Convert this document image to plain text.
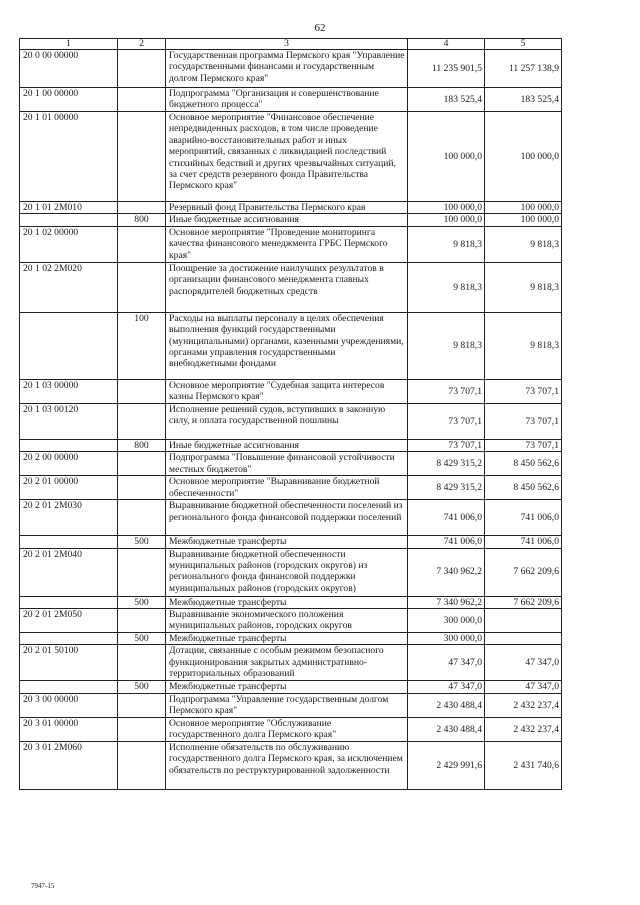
62
1	2	3	4	5
20 0 00 00000		Государственная программа Пермского края "Управление государственными финансами и государственным долгом Пермского края"	11 235 901,5	11 257 138,9
20 1 00 00000		Подпрограмма "Организация и совершенствование бюджетного процесса"	183 525,4	183 525,4
20 1 01 00000		Основное мероприятие "Финансовое обеспечение непредвиденных расходов, в том числе проведение аварийно-восстановительных работ и иных мероприятий, связанных с ликвидацией последствий стихийных бедствий и других чрезвычайных ситуаций, за счет средств резервного фонда Правительства Пермского края"	100 000,0	100 000,0
20 1 01 2М010		Резервный фонд Правительства Пермского края	100 000,0	100 000,0
	800	Иные бюджетные ассигнования	100 000,0	100 000,0
20 1 02 00000		Основное мероприятие "Проведение мониторинга качества финансового менеджмента ГРБС Пермского края"	9 818,3	9 818,3
20 1 02 2М020		Поощрение за достижение наилучших результатов в организации финансового менеджмента главных распорядителей бюджетных средств	9 818,3	9 818,3
	100	Расходы на выплаты персоналу в целях обеспечения выполнения функций государственными (муниципальными) органами, казенными учреждениями, органами управления государственными внебюджетными фондами	9 818,3	9 818,3
20 1 03 00000		Основное мероприятие "Судебная защита интересов казны Пермского края"	73 707,1	73 707,1
20 1 03 00120		Исполнение решений судов, вступивших в законную силу, и оплата государственной пошлины	73 707,1	73 707,1
	800	Иные бюджетные ассигнования	73 707,1	73 707,1
20 2 00 00000		Подпрограмма "Повышение финансовой устойчивости местных бюджетов"	8 429 315,2	8 450 562,6
20 2 01 00000		Основное мероприятие "Выравнивание бюджетной обеспеченности"	8 429 315,2	8 450 562,6
20 2 01 2М030		Выравнивание бюджетной обеспеченности поселений из регионального фонда финансовой поддержки поселений	741 006,0	741 006,0
	500	Межбюджетные трансферты	741 006,0	741 006,0
20 2 01 2М040		Выравнивание бюджетной обеспеченности муниципальных районов (городских округов) из регионального фонда финансовой поддержки муниципальных районов (городских округов)	7 340 962,2	7 662 209,6
	500	Межбюджетные трансферты	7 340 962,2	7 662 209,6
20 2 01 2М050		Выравнивание экономического положения муниципальных районов, городских округов	300 000,0	
	500	Межбюджетные трансферты	300 000,0	
20 2 01 50100		Дотации, связанные с особым режимом безопасного функционирования закрытых административно-территориальных образований	47 347,0	47 347,0
	500	Межбюджетные трансферты	47 347,0	47 347,0
20 3 00 00000		Подпрограмма "Управление государственным долгом Пермского края"	2 430 488,4	2 432 237,4
20 3 01 00000		Основное мероприятие "Обслуживание государственного долга Пермского края"	2 430 488,4	2 432 237,4
20 3 01 2М060		Исполнение обязательств по обслуживанию государственного долга Пермского края, за исключением обязательств по реструктурированной задолженности	2 429 991,6	2 431 740,6
7947-15
